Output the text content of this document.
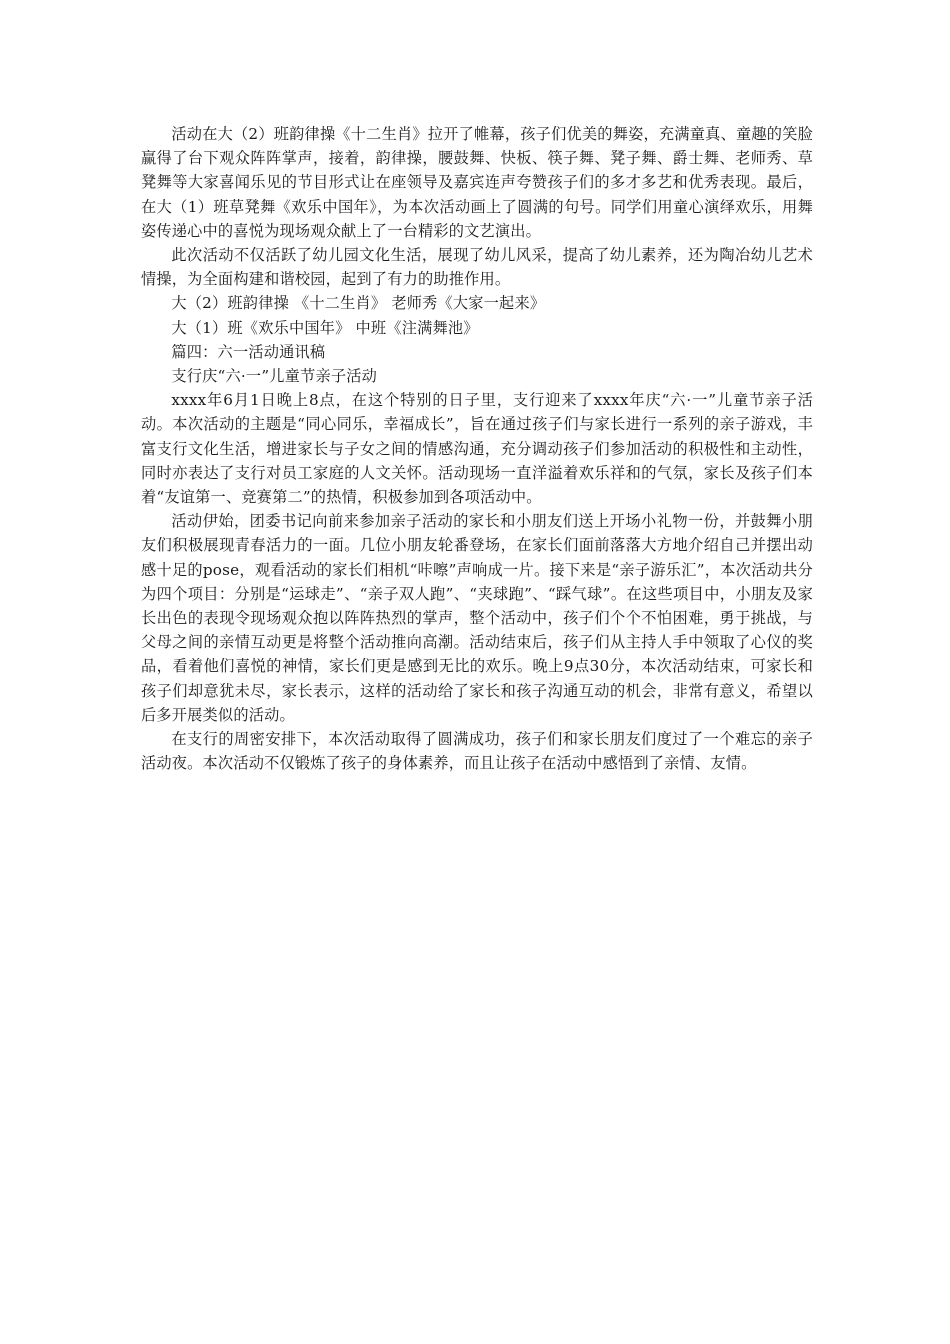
活动在大（2）班韵律操《十二生肖》拉开了帷幕，孩子们优美的舞姿，充满童真、童趣的笑脸赢得了台下观众阵阵掌声，接着，韵律操，腰鼓舞、快板、筷子舞、凳子舞、爵士舞、老师秀、草凳舞等大家喜闻乐见的节目形式让在座领导及嘉宾连声夸赞孩子们的多才多艺和优秀表现。最后，在大（1）班草凳舞《欢乐中国年》，为本次活动画上了圆满的句号。同学们用童心演绎欢乐，用舞姿传递心中的喜悦为现场观众献上了一台精彩的文艺演出。

此次活动不仅活跃了幼儿园文化生活，展现了幼儿风采，提高了幼儿素养，还为陶冶幼儿艺术情操，为全面构建和谐校园，起到了有力的助推作用。

大（2）班韵律操 《十二生肖》 老师秀《大家一起来》

大（1）班《欢乐中国年》 中班《注满舞池》

篇四：六一活动通讯稿

支行庆“六·一”儿童节亲子活动

xxxx年6月1日晚上8点，在这个特别的日子里，支行迎来了xxxx年庆“六·一”儿童节亲子活动。本次活动的主题是“同心同乐，幸福成长”，旨在通过孩子们与家长进行一系列的亲子游戏，丰富支行文化生活，增进家长与子女之间的情感沟通，充分调动孩子们参加活动的积极性和主动性，同时亦表达了支行对员工家庭的人文关怀。活动现场一直洋溢着欢乐祥和的气氛，家长及孩子们本着“友谊第一、竞赛第二”的热情，积极参加到各项活动中。

活动伊始，团委书记向前来参加亲子活动的家长和小朋友们送上开场小礼物一份，并鼓舞小朋友们积极展现青春活力的一面。几位小朋友轮番登场，在家长们面前落落大方地介绍自己并摆出动感十足的pose，观看活动的家长们相机“咔嚓”声响成一片。接下来是“亲子游乐汇”，本次活动共分为四个项目：分别是“运球走”、“亲子双人跑”、“夹球跑”、“踩气球”。在这些项目中，小朋友及家长出色的表现令现场观众抱以阵阵热烈的掌声，整个活动中，孩子们个个不怕困难，勇于挑战，与父母之间的亲情互动更是将整个活动推向高潮。活动结束后，孩子们从主持人手中领取了心仪的奖品，看着他们喜悦的神情，家长们更是感到无比的欢乐。晚上9点30分，本次活动结束，可家长和孩子们却意犹未尽，家长表示，这样的活动给了家长和孩子沟通互动的机会，非常有意义，希望以后多开展类似的活动。

在支行的周密安排下，本次活动取得了圆满成功，孩子们和家长朋友们度过了一个难忘的亲子活动夜。本次活动不仅锻炼了孩子的身体素养，而且让孩子在活动中感悟到了亲情、友情。
